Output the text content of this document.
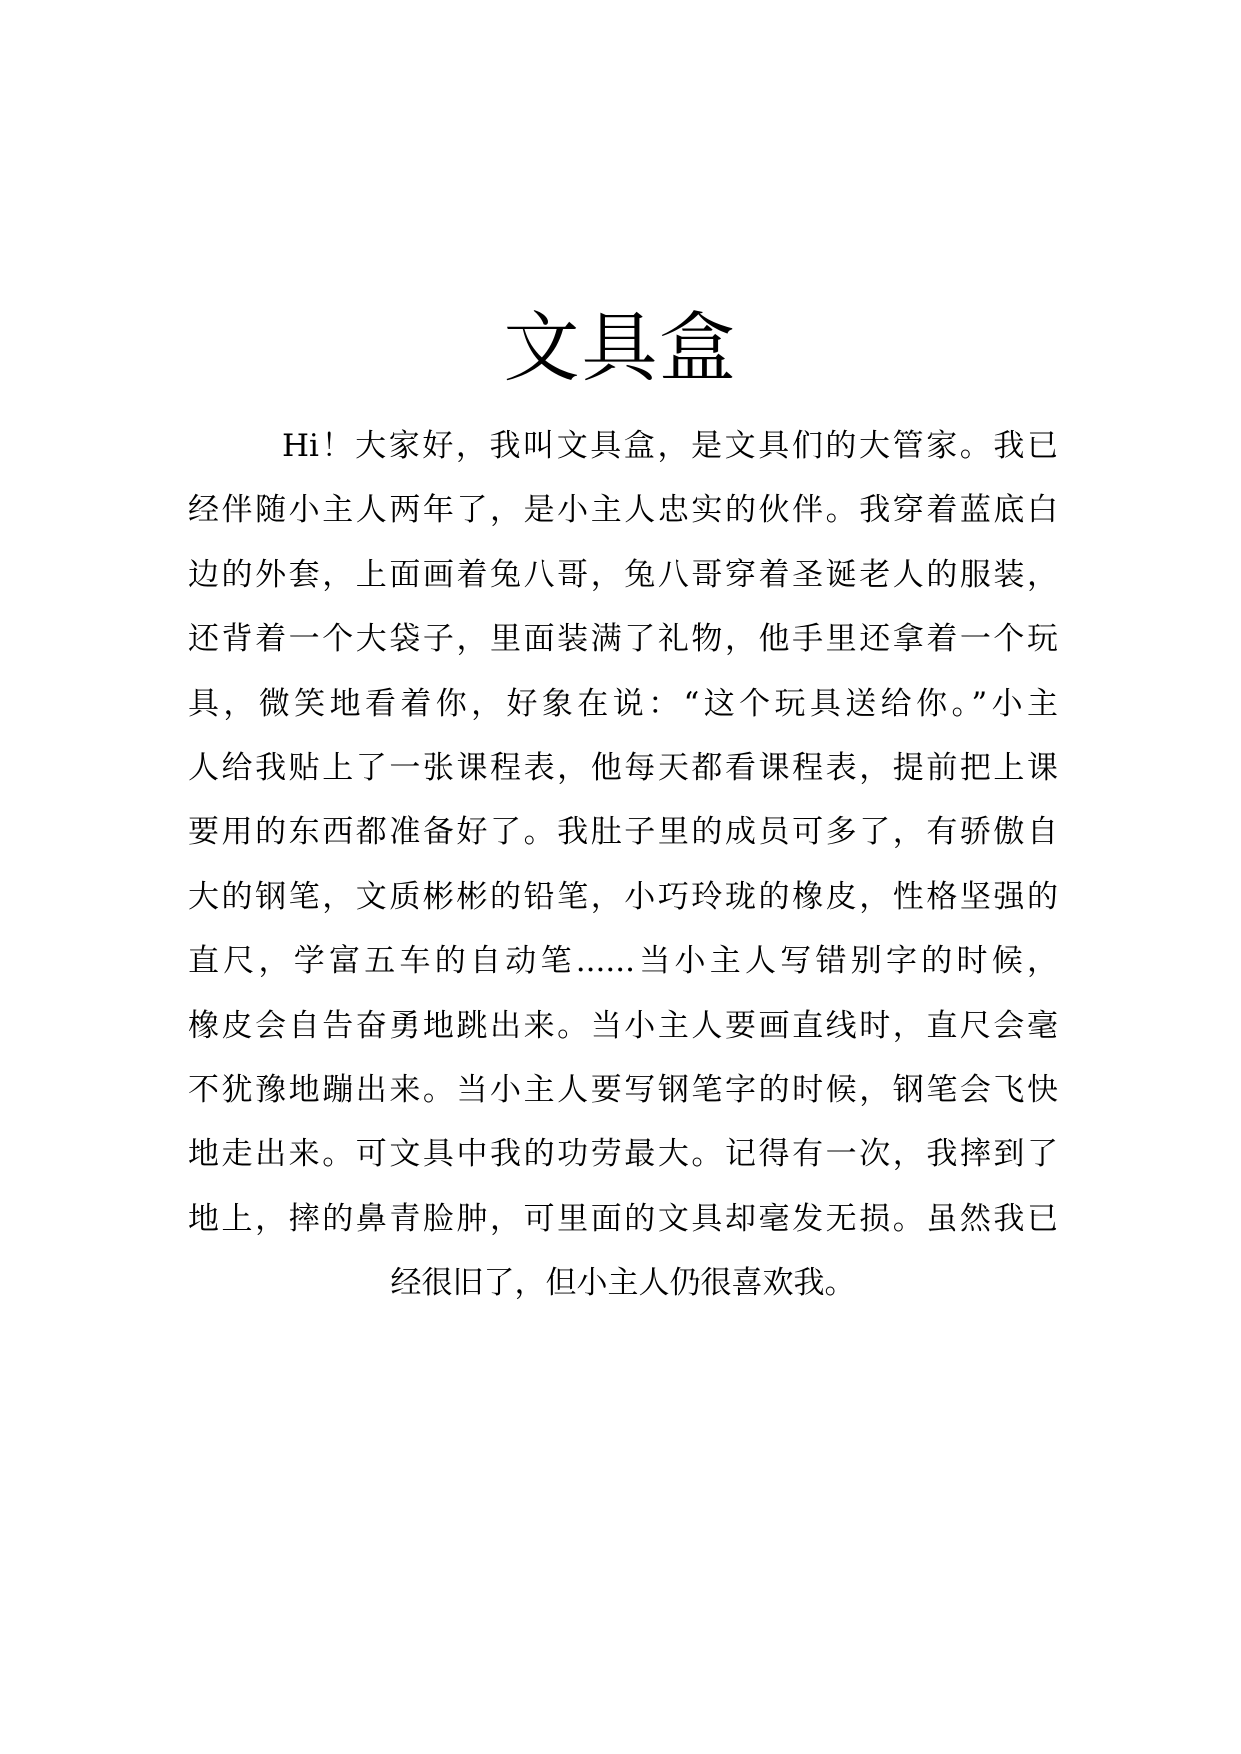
文具盒
Hi！大家好，我叫文具盒，是文具们的大管家。我已
经伴随小主人两年了，是小主人忠实的伙伴。我穿着蓝底白
边的外套，上面画着兔八哥，兔八哥穿着圣诞老人的服装，
还背着一个大袋子，里面装满了礼物，他手里还拿着一个玩
具，微笑地看着你，好象在说：“这个玩具送给你。”小主
人给我贴上了一张课程表，他每天都看课程表，提前把上课
要用的东西都准备好了。我肚子里的成员可多了，有骄傲自
大的钢笔，文质彬彬的铅笔，小巧玲珑的橡皮，性格坚强的
直尺，学富五车的自动笔......当小主人写错别字的时候，
橡皮会自告奋勇地跳出来。当小主人要画直线时，直尺会毫
不犹豫地蹦出来。当小主人要写钢笔字的时候，钢笔会飞快
地走出来。可文具中我的功劳最大。记得有一次，我摔到了
地上，摔的鼻青脸肿，可里面的文具却毫发无损。虽然我已
经很旧了，但小主人仍很喜欢我。
